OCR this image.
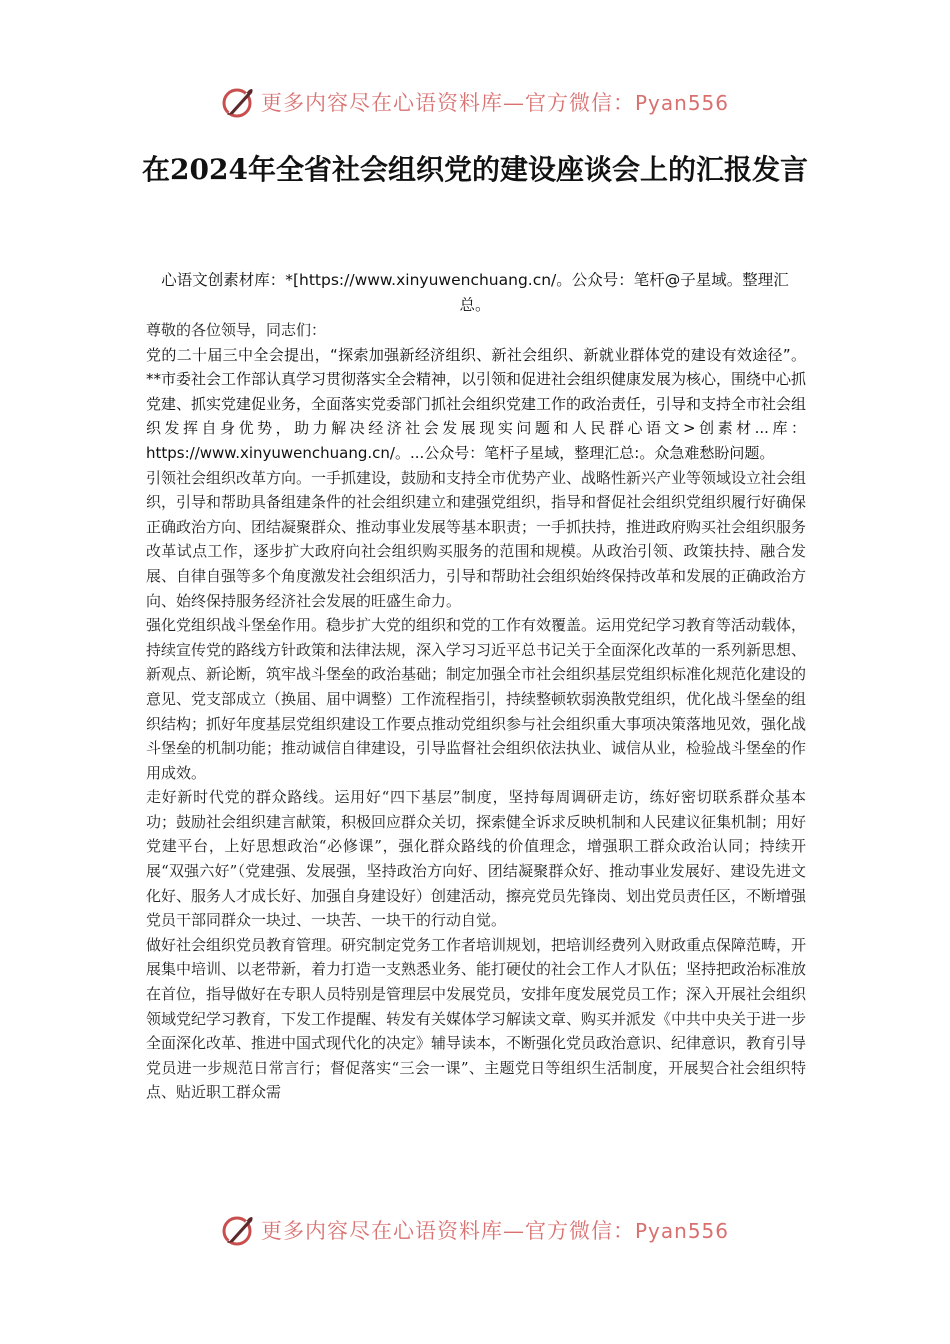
更多内容尽在心语资料库—官方微信：Pyan556
在2024年全省社会组织党的建设座谈会上的汇报发言
心语文创素材库：*[https://www.xinyuwenchuang.cn/。公众号：笔杆@子星域。整理汇总。

尊敬的各位领导，同志们：

党的二十届三中全会提出，“探索加强新经济组织、新社会组织、新就业群体党的建设有效途径”。**市委社会工作部认真学习贯彻落实全会精神，以引领和促进社会组织健康发展为核心，围绕中心抓党建、抓实党建促业务，全面落实党委部门抓社会组织党建工作的政治责任，引导和支持全市社会组织发挥自身优势，助力解决经济社会发展现实问题和人民群心语文>创素材...库：https://www.xinyuwenchuang.cn/。...公众号：笔杆子星域，整理汇总:。众急难愁盼问题。

引领社会组织改革方向。一手抓建设，鼓励和支持全市优势产业、战略性新兴产业等领域设立社会组织，引导和帮助具备组建条件的社会组织建立和建强党组织，指导和督促社会组织党组织履行好确保正确政治方向、团结凝聚群众、推动事业发展等基本职责；一手抓扶持，推进政府购买社会组织服务改革试点工作，逐步扩大政府向社会组织购买服务的范围和规模。从政治引领、政策扶持、融合发展、自律自强等多个角度激发社会组织活力，引导和帮助社会组织始终保持改革和发展的正确政治方向、始终保持服务经济社会发展的旺盛生命力。

强化党组织战斗堡垒作用。稳步扩大党的组织和党的工作有效覆盖。运用党纪学习教育等活动载体，持续宣传党的路线方针政策和法律法规，深入学习习近平总书记关于全面深化改革的一系列新思想、新观点、新论断，筑牢战斗堡垒的政治基础；制定加强全市社会组织基层党组织标准化规范化建设的意见、党支部成立（换届、届中调整）工作流程指引，持续整顿软弱涣散党组织，优化战斗堡垒的组织结构；抓好年度基层党组织建设工作要点推动党组织参与社会组织重大事项决策落地见效，强化战斗堡垒的机制功能；推动诚信自律建设，引导监督社会组织依法执业、诚信从业，检验战斗堡垒的作用成效。

走好新时代党的群众路线。运用好“四下基层”制度，坚持每周调研走访，练好密切联系群众基本功；鼓励社会组织建言献策，积极回应群众关切，探索健全诉求反映机制和人民建议征集机制；用好党建平台，上好思想政治“必修课”，强化群众路线的价值理念，增强职工群众政治认同；持续开展“双强六好”（党建强、发展强，坚持政治方向好、团结凝聚群众好、推动事业发展好、建设先进文化好、服务人才成长好、加强自身建设好）创建活动，擦亮党员先锋岗、划出党员责任区，不断增强党员干部同群众一块过、一块苦、一块干的行动自觉。

做好社会组织党员教育管理。研究制定党务工作者培训规划，把培训经费列入财政重点保障范畴，开展集中培训、以老带新，着力打造一支熟悉业务、能打硬仗的社会工作人才队伍；坚持把政治标准放在首位，指导做好在专职人员特别是管理层中发展党员，安排年度发展党员工作；深入开展社会组织领域党纪学习教育，下发工作提醒、转发有关媒体学习解读文章、购买并派发《中共中央关于进一步全面深化改革、推进中国式现代化的决定》辅导读本，不断强化党员政治意识、纪律意识，教育引导党员进一步规范日常言行；督促落实“三会一课”、主题党日等组织生活制度，开展契合社会组织特点、贴近职工群众需

更多内容尽在心语资料库—官方微信：Pyan556
